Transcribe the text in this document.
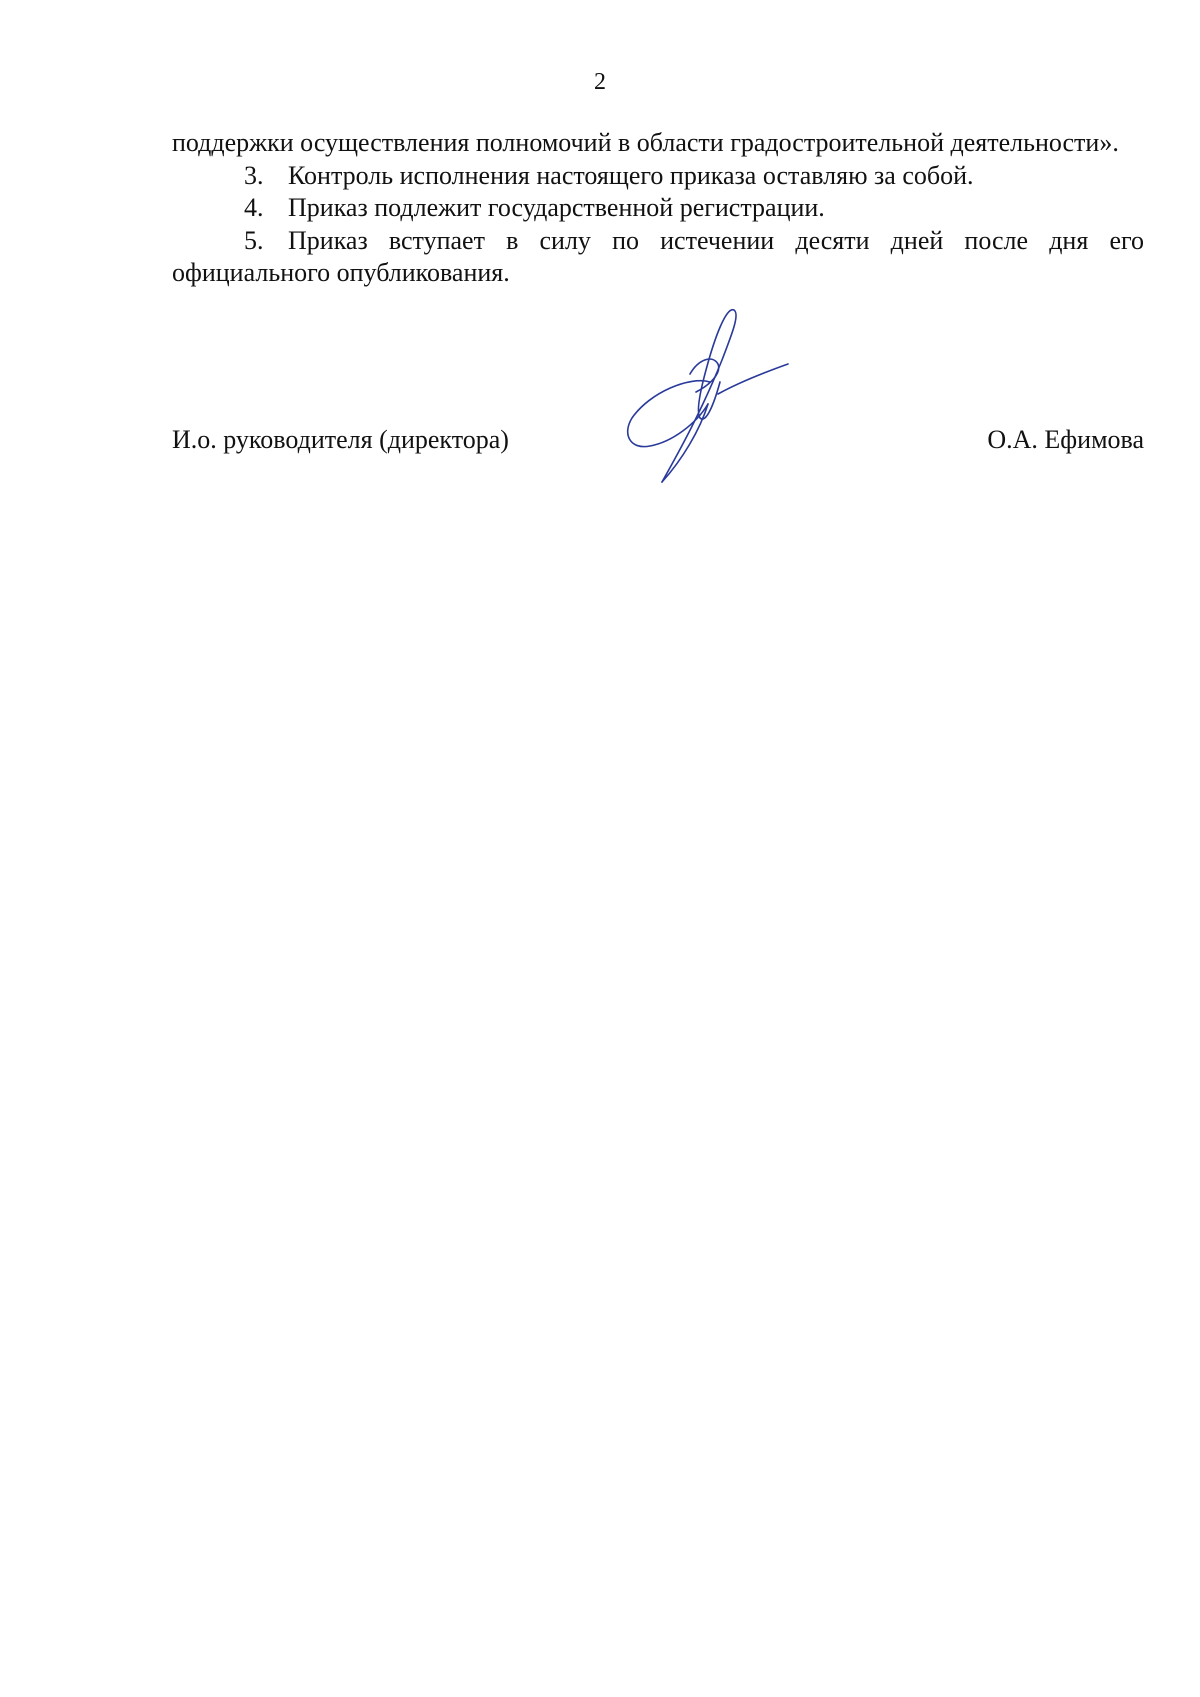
2

поддержки осуществления полномочий в области градостроительной деятельности».

3. Контроль исполнения настоящего приказа оставляю за собой.

4. Приказ подлежит государственной регистрации.

5. Приказ вступает в силу по истечении десяти дней после дня его официального опубликования.

И.о. руководителя (директора)	О.А. Ефимова
